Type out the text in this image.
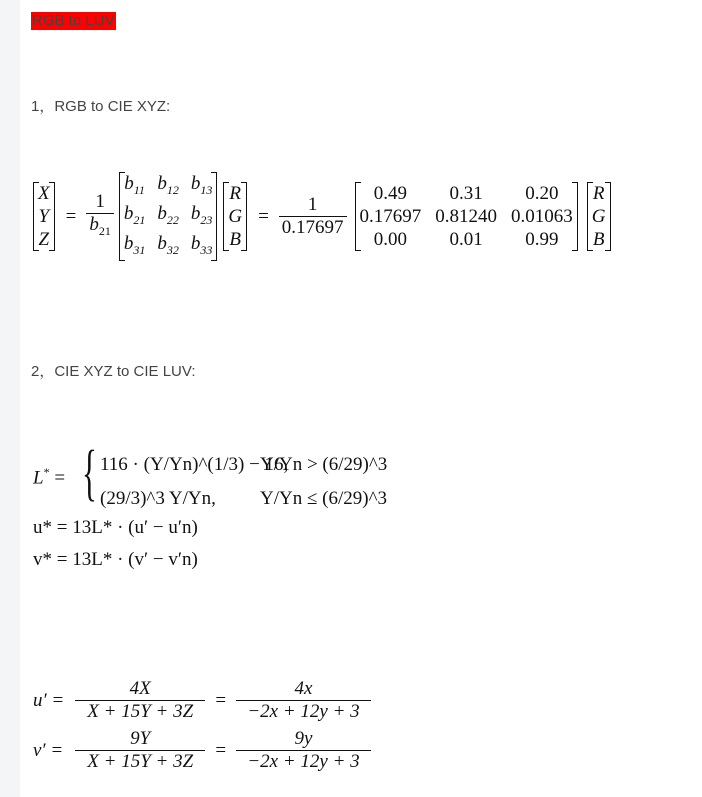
RGB to LUV
1，RGB to CIE XYZ:
2，CIE XYZ to CIE LUV:
X
Y
Z
= $\frac{1}{b_{21}}$
$b_{11}$ $b_{12}$ $b_{13}$
$b_{21}$ $b_{22}$ $b_{23}$
$b_{31}$ $b_{32}$ $b_{33}$
R
G
B
= $\frac{1}{0.17697}$
0.49	0.31	0.20
0.17697 0.81240 0.01063
0.00	0.01	0.99
R
G
B
L* = { 116 · (Y/Yn)^(1/3) − 16,
(29/3)^3 Y/Yn,
Y/Yn > (6/29)^3
Y/Yn ≤ (6/29)^3
u* = 13L* · (u′ − u′n)
v* = 13L* · (v′ − v′n)
$u' = \frac{4X}{X + 15Y + 3Z} = \frac{4x}{-2x + 12y + 3}$
$v' = \frac{9Y}{X + 15Y + 3Z} = \frac{9y}{-2x + 12y + 3}$
